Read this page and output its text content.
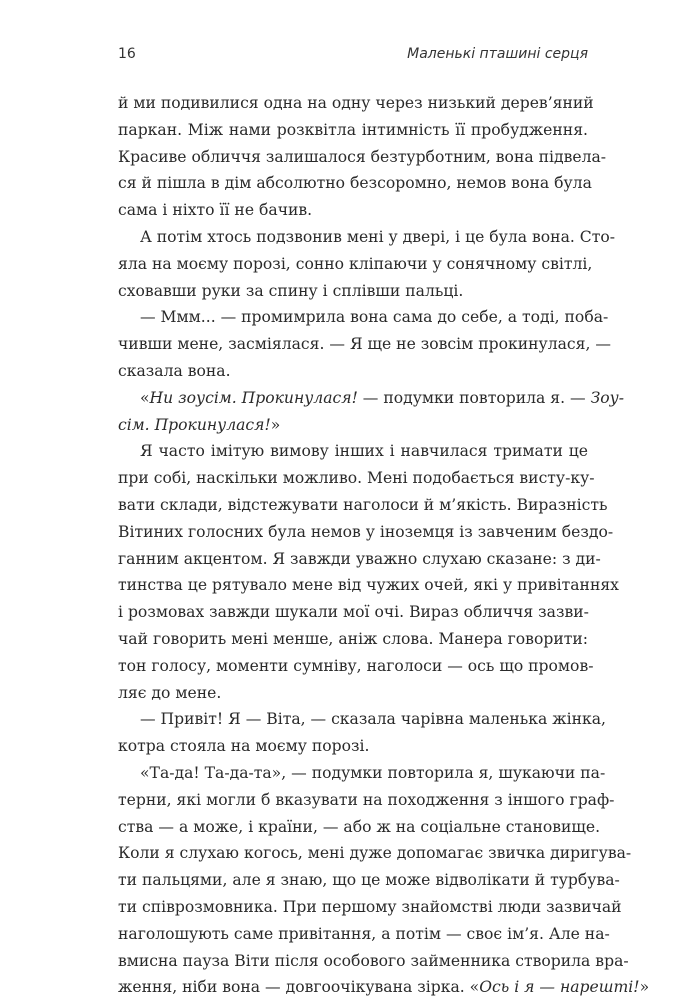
16	Маленькі пташині серця
й ми подивилися одна на одну через низький дерев’яний
паркан. Між нами розквітла інтимність її пробудження.
Красиве обличчя залишалося безтурботним, вона підвела-
ся й пішла в дім абсолютно безсоромно, немов вона була
сама і ніхто її не бачив.
А потім хтось подзвонив мені у двері, і це була вона. Сто-
яла на моєму порозі, сонно кліпаючи у сонячному світлі,
сховавши руки за спину і сплівши пальці.
— Ммм... — промимрила вона сама до себе, а тоді, поба-
чивши мене, засміялася. — Я ще не зовсім прокинулася, —
сказала вона.
«Ни зоусім. Прокинулася! — подумки повторила я. — Зоу-
сім. Прокинулася!»
Я часто імітую вимову інших і навчилася тримати це
при собі, наскільки можливо. Мені подобається висту-ку-
вати склади, відстежувати наголоси й м’якість. Виразність
Вітиних голосних була немов у іноземця із завченим бездо-
ганним акцентом. Я завжди уважно слухаю сказане: з ди-
тинства це рятувало мене від чужих очей, які у привітаннях
і розмовах завжди шукали мої очі. Вираз обличчя зазви-
чай говорить мені менше, аніж слова. Манера говорити:
тон голосу, моменти сумніву, наголоси — ось що промов-
ляє до мене.
— Привіт! Я — Віта, — сказала чарівна маленька жінка,
котра стояла на моєму порозі.
«Та-да! Та-да-та», — подумки повторила я, шукаючи па-
терни, які могли б вказувати на походження з іншого граф-
ства — а може, і країни, — або ж на соціальне становище.
Коли я слухаю когось, мені дуже допомагає звичка диригува-
ти пальцями, але я знаю, що це може відволікати й турбува-
ти співрозмовника. При першому знайомстві люди зазвичай
наголошують саме привітання, а потім — своє ім’я. Але на-
вмисна пауза Віти після особового займенника створила вра-
ження, ніби вона — довгоочікувана зірка. «Ось і я — нарешті!»
